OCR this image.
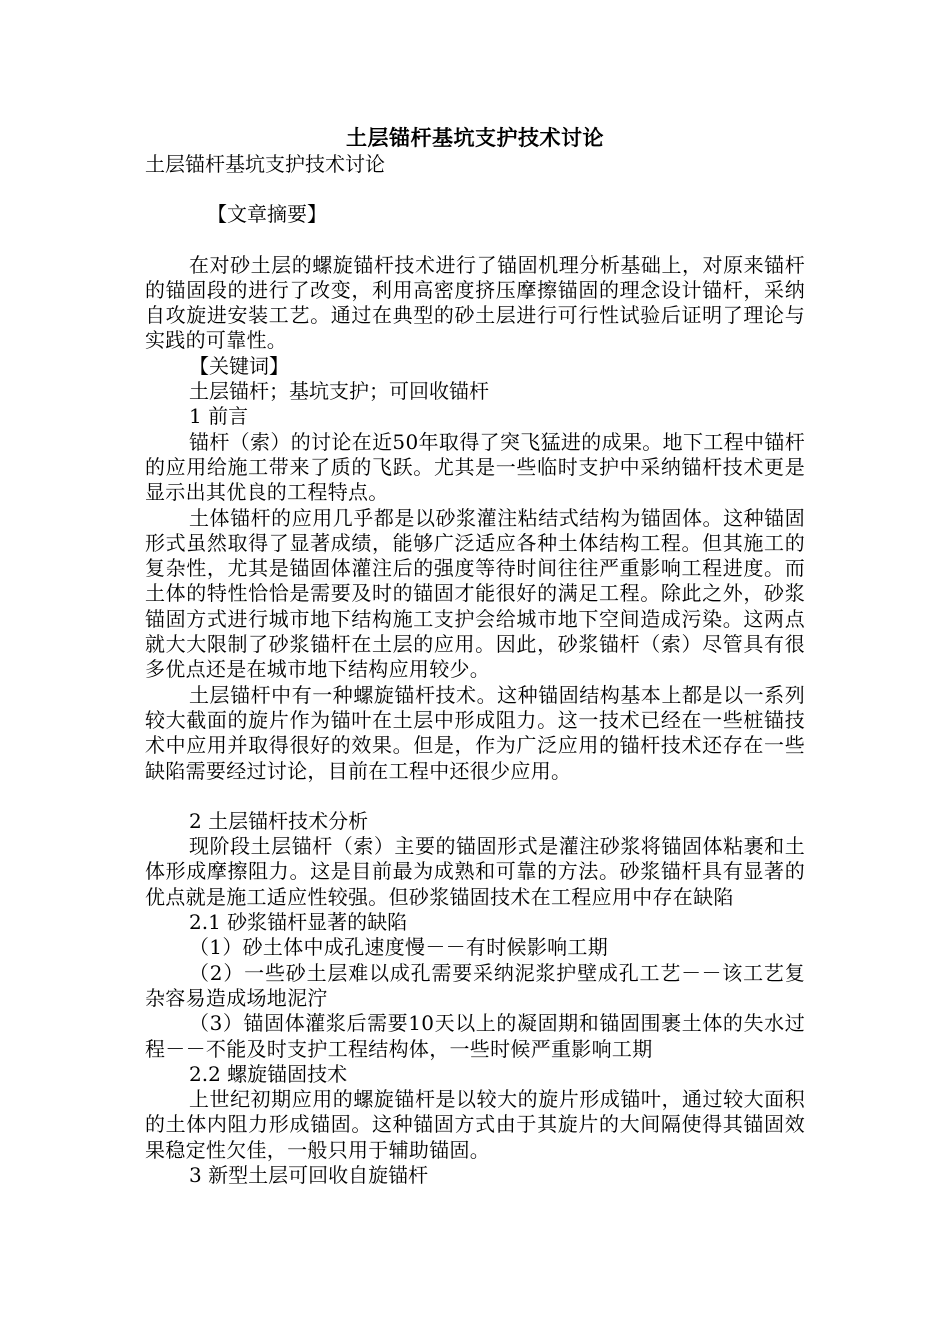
土层锚杆基坑支护技术讨论
土层锚杆基坑支护技术讨论
【文章摘要】

在对砂土层的螺旋锚杆技术进行了锚固机理分析基础上，对原来锚杆的锚固段的进行了改变，利用高密度挤压摩擦锚固的理念设计锚杆，采纳自攻旋进安装工艺。通过在典型的砂土层进行可行性试验后证明了理论与实践的可靠性。

【关键词】
土层锚杆；基坑支护；可回收锚杆
1 前言

锚杆（索）的讨论在近50年取得了突飞猛进的成果。地下工程中锚杆的应用给施工带来了质的飞跃。尤其是一些临时支护中采纳锚杆技术更是显示出其优良的工程特点。

土体锚杆的应用几乎都是以砂浆灌注粘结式结构为锚固体。这种锚固形式虽然取得了显著成绩，能够广泛适应各种土体结构工程。但其施工的复杂性，尤其是锚固体灌注后的强度等待时间往往严重影响工程进度。而土体的特性恰恰是需要及时的锚固才能很好的满足工程。除此之外，砂浆锚固方式进行城市地下结构施工支护会给城市地下空间造成污染。这两点就大大限制了砂浆锚杆在土层的应用。因此，砂浆锚杆（索）尽管具有很多优点还是在城市地下结构应用较少。

土层锚杆中有一种螺旋锚杆技术。这种锚固结构基本上都是以一系列较大截面的旋片作为锚叶在土层中形成阻力。这一技术已经在一些桩锚技术中应用并取得很好的效果。但是，作为广泛应用的锚杆技术还存在一些缺陷需要经过讨论，目前在工程中还很少应用。

2 土层锚杆技术分析

现阶段土层锚杆（索）主要的锚固形式是灌注砂浆将锚固体粘裹和土体形成摩擦阻力。这是目前最为成熟和可靠的方法。砂浆锚杆具有显著的优点就是施工适应性较强。但砂浆锚固技术在工程应用中存在缺陷

2.1 砂浆锚杆显著的缺陷

（1）砂土体中成孔速度慢－－有时候影响工期

（2）一些砂土层难以成孔需要采纳泥浆护壁成孔工艺－－该工艺复杂容易造成场地泥泞

（3）锚固体灌浆后需要10天以上的凝固期和锚固围裹土体的失水过程－－不能及时支护工程结构体，一些时候严重影响工期

2.2 螺旋锚固技术

上世纪初期应用的螺旋锚杆是以较大的旋片形成锚叶，通过较大面积的土体内阻力形成锚固。这种锚固方式由于其旋片的大间隔使得其锚固效果稳定性欠佳，一般只用于辅助锚固。

3 新型土层可回收自旋锚杆
